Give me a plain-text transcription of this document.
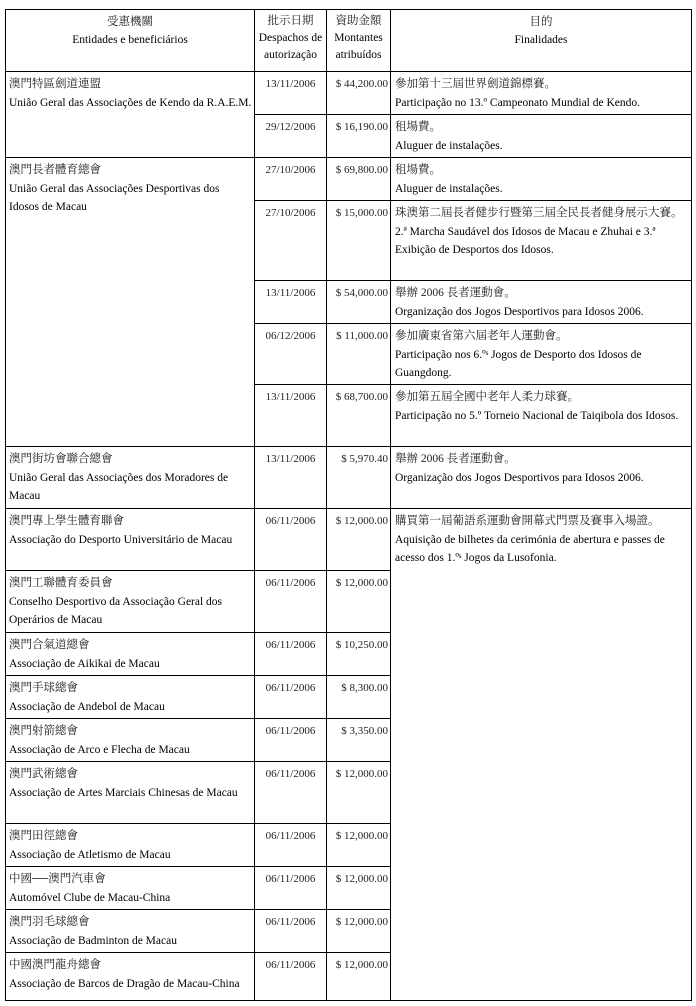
受惠機關
Entidades e beneficiários	批示日期
Despachos de autorização	資助金額
Montantes atribuídos	目的
Finalidades

澳門特區劍道連盟
União Geral das Associações de Kendo da R.A.E.M.	13/11/2006	$ 44,200.00	參加第十三屆世界劍道錦標賽。
Participação no 13.º Campeonato Mundial de Kendo.

	29/12/2006	$ 16,190.00	租場費。
Aluguer de instalações.

澳門長者體育總會
União Geral das Associações Desportivas dos Idosos de Macau	27/10/2006	$ 69,800.00	租場費。
Aluguer de instalações.

	27/10/2006	$ 15,000.00	珠澳第二屆長者健步行暨第三屆全民長者健身展示大賽。
2.ª Marcha Saudável dos Idosos de Macau e Zhuhai e 3.ª Exibição de Desportos dos Idosos.

	13/11/2006	$ 54,000.00	舉辦 2006 長者運動會。
Organização dos Jogos Desportivos para Idosos 2006.

	06/12/2006	$ 11,000.00	參加廣東省第六屆老年人運動會。
Participação nos 6.ºˢ Jogos de Desporto dos Idosos de Guangdong.

	13/11/2006	$ 68,700.00	參加第五屆全國中老年人柔力球賽。
Participação no 5.º Torneio Nacional de Taiqibola dos Idosos.

澳門街坊會聯合總會
União Geral das Associações dos Moradores de Macau	13/11/2006	$ 5,970.40	舉辦 2006 長者運動會。
Organização dos Jogos Desportivos para Idosos 2006.

澳門專上學生體育聯會
Associação do Desporto Universitário de Macau	06/11/2006	$ 12,000.00	購買第一屆葡語系運動會開幕式門票及賽事入場證。
Aquisição de bilhetes da cerimónia de abertura e passes de acesso dos 1.ºˢ Jogos da Lusofonia.

澳門工聯體育委員會
Conselho Desportivo da Associação Geral dos Operários de Macau	06/11/2006	$ 12,000.00	

澳門合氣道總會
Associação de Aikikai de Macau	06/11/2006	$ 10,250.00	

澳門手球總會
Associação de Andebol de Macau	06/11/2006	$ 8,300.00	

澳門射箭總會
Associação de Arco e Flecha de Macau	06/11/2006	$ 3,350.00	

澳門武術總會
Associação de Artes Marciais Chinesas de Macau	06/11/2006	$ 12,000.00	

澳門田徑總會
Associação de Atletismo de Macau	06/11/2006	$ 12,000.00	

中國──澳門汽車會
Automóvel Clube de Macau-China	06/11/2006	$ 12,000.00	

澳門羽毛球總會
Associação de Badminton de Macau	06/11/2006	$ 12,000.00	

中國澳門龍舟總會
Associação de Barcos de Dragão de Macau-China	06/11/2006	$ 12,000.00	
